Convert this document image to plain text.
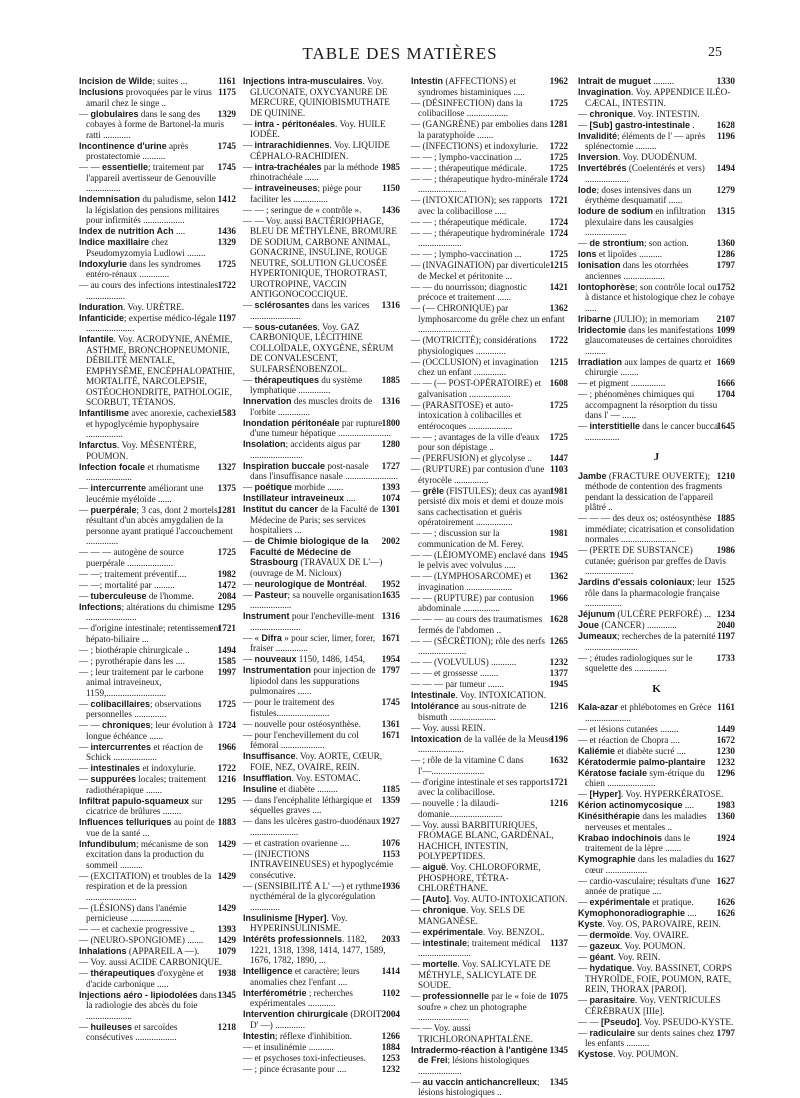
TABLE DES MATIÈRES	25
1161
Incision de Wilde; suites ...
1175
Inclusions provoquées par le virus amaril chez le singe ..
1329
— globulaires dans le sang des cobayes à forme de Bartonel-la muris ratti ............
1745
Incontinence d'urine après prostatectomie ..........
1745
— — essentielle; traitement par l'appareil avertisseur de Genouville ...............
1412
Indemnisation du paludisme, selon la législation des pensions militaires pour infirmités ..................
1436
Index de nutrition Ach ....
1329
Indice maxillaire chez Pseudomyzomyia Ludlowi ........
1725
Indoxylurie dans les syndromes entéro-rénaux .............
1722
— au cours des infections intestinales .................
Induration. Voy. URÈTRE.
1197
Infanticide; expertise médico-légale .....................
Infantile. Voy. ACRODYNIE, ANÉMIE, ASTHME, BRONCHOPNEUMONIE, DÉBILITÉ MENTALE, EMPHYSÈME, ENCÉPHALOPATHIE, MORTALITÉ, NARCOLEPSIE, OSTÉOCHONDRITE, PATHOLOGIE, SCORBUT, TÉTANOS.
1583
Infantilisme avec anorexie, cachexie et hypoglycémie hypophysaire ................
Infarctus. Voy. MÉSENTÈRE, POUMON.
1327
Infection focale et rhumatisme ....................
1375
— intercurrente améliorant une leucémie myéloïde ......
1281
— puerpérale; 3 cas, dont 2 mortels, résultant d'un abcès amygdalien de la personne ayant pratiqué l'accouchement ..............
1725
— — — autogène de source puerpérale ....................
1982
— —; traitement préventif....
1472
— —; mortalité par .........
2084
— tuberculeuse de l'homme.
1295
Infections; altérations du chimisme ......................
1721
— d'origine intestinale; retentissement hépato-biliaire ...
1494
— ; biothérapie chirurgicale ..
1585
— ; pyrothérapie dans les ....
1997
— ; leur traitement par le carbone animal intraveineux, 1159,..........................
1725
— colibacillaires; observations personnelles ..............
1724
— — chroniques; leur évolution à longue échéance ......
1966
— intercurrentes et réaction de Schick ...................
1722
— intestinales et indoxylurie.
1216
— suppurées locales; traitement radiothérapique .......
1295
Infiltrat papulo-squameux sur cicatrice de brûlures ........
1883
Influences telluriques au point de vue de la santé ...
1429
Infundibulum; mécanisme de son excitation dans la production du sommeil ..........
1429
— (EXCITATION) et troubles de la respiration et de la pression ......................
1429
— (LÉSIONS) dans l'anémie pernicieuse ..................
1393
— — et cachexie progressive ..
1429
— (NEURO-SPONGIOME) .......
1079
Inhalations (APPAREIL A —).
— Voy. aussi ACIDE CARBONIQUE.
1938
— thérapeutiques d'oxygène et d'acide carbonique .....
1345
Injections aéro - lipiodolées dans la radiologie des abcès du foie ....................
1218
— huileuses et sarcoïdes consécutives ..................
Injections intra-musculaires. Voy. GLUCONATE, OXYCYANURE DE MERCURE, QUINIOBISMUTHATE DE QUININE.
— intra - péritonéales. Voy. HUILE IODÉE.
— intrarachidiennes. Voy. LIQUIDE CÉPHALO-RACHIDIEN.
1985
— intra-trachéales par la méthode rhinotrachéale ......
1150
— intraveineuses; piège pour faciliter les ...............
1436
— — ; seringue de « contrôle ».
— — Voy. aussi BACTÉRIOPHAGE, BLEU DE MÉTHYLÈNE, BROMURE DE SODIUM, CARBONE ANIMAL, GONACRINE, INSULINE, ROUGE NEUTRE, SOLUTION GLUCOSÉE HYPERTONIQUE, THOROTRAST, UROTROPINE, VACCIN ANTIGONOCOCCIQUE.
1316
— sclérosantes dans les varices ......................
— sous-cutanées. Voy. GAZ CARBONIQUE, LÉCITHINE COLLOÏDALE, OXYGÈNE, SÉRUM DE CONVALESCENT, SULFARSÉNOBENZOL.
1885
— thérapeutiques du système lymphatique ..............
1316
Innervation des muscles droits de l'orbite ..............
1800
Inondation péritonéale par rupture d'une tumeur hépatique .......................
1280
Insolation; accidents aigus par .......................
1727
Inspiration buccale post-nasale dans l'insuffisance nasale .......................
1393
— poétique morbide .......
1074
Instillateur intraveineux ....
1301
Institut du cancer de la Faculté de Médecine de Paris; ses services hospitaliers ...
2002
— de Chimie biologique de la Faculté de Médecine de Strasbourg (TRAVAUX DE L'—) (ouvrage de M. Nicloux)
1952
— neurologique de Montréal.
1635
— Pasteur; sa nouvelle organisation ..................
1316
Instrument pour l'encheville-ment ......................
1671
— « Difra » pour scier, limer, forer, fraiser ..............
1954
— nouveaux 1150, 1486, 1454,
1797
Instrumentation pour injection de lipiodol dans les suppurations pulmonaires ......
1745
— pour le traitement des fistules.......................
1361
— nouvelle pour ostéosynthèse.
1671
— pour l'enchevillement du col fémoral ...................
Insuffisance. Voy. AORTE, CŒUR, FOIE, NEZ, OVAIRE, REIN.
Insufflation. Voy. ESTOMAC.
1185
Insuline et diabète .........
1359
— dans l'encéphalite léthargique et séquelles graves ....
1927
— dans les ulcères gastro-duodénaux .....................
1076
— et castration ovarienne ....
1153
— (INJECTIONS INTRAVEINEUSES) et hypoglycémie consécutive.
1936
— (SENSIBILITÉ A L' —) et rythme nycthéméral de la glycorégulation .............
Insulinisme [Hyper]. Voy. HYPERINSULINISME.
2033
Intérêts professionnels. 1182, 1221, 1318, 1398, 1414, 1477, 1589, 1676, 1782, 1890, ...
1414
Intelligence et caractère; leurs anomalies chez l'enfant ....
1102
Interférométrie ; recherches expérimentales ............
2004
Intervention chirurgicale (DROIT D' —) .............
1266
Intestin; réflexe d'inhibition.
1884
— et insulinémie ...........
1253
— et psychoses toxi-infectieuses.
1232
— ; pince écrasante pour ....
1962
Intestin (AFFECTIONS) et syndromes histaminiques .....
1725
— (DÉSINFECTION) dans la colibacillose ..................
1281
— (GANGRÈNE) par embolies dans la paratyphoïde .......
1722
— (INFECTIONS) et indoxylurie.
1725
— — ; lympho-vaccination ...
1725
— — ; thérapeutique médicale.
1724
— — ; thérapeutique hydro-minérale .....................
1721
— (INTOXICATION); ses rapports avec la colibacillose .....
1724
— — ; thérapeutique médicale.
1724
— — ; thérapeutique hydrominérale ...................
1725
— — ; lympho-vaccination ...
1215
— (INVAGINATION) par diverticule de Meckel et péritonite ...
1421
— — du nourrisson; diagnostic précoce et traitement ......
1362
— (— CHRONIQUE) par lymphosarcome du grêle chez un enfant .......................
1722
— (MOTRICITÉ); considérations physiologiques .............
1215
— (OCCLUSION) et invagination chez un enfant ..............
1608
— — (— POST-OPÉRATOIRE) et galvanisation ..................
1725
— (PARASITOSE) et auto-intoxication à colibacilles et entérocoques ...................
1725
— — ; avantages de la ville d'eaux pour son dépistage ..
1447
— (PERFUSION) et glycolyse ..
1103
— (RUPTURE) par contusion d'une étyrocèle ...............
1981
— grêle (FISTULES); deux cas ayant persisté dix mois et demi et douze mois sans cachectisation et guéris opératoirement ................
1981
— — ; discussion sur la communication de M. Ferey.
1945
— — (LÉIOMYOME) enclavé dans le pelvis avec volvulus .....
1362
— — (LYMPHOSARCOME) et invagination ....................
1966
— — (RUPTURE) par contusion abdominale ................
1628
— — — au cours des traumatismes fermés de l'abdomen ..
1265
— — (SÉCRÉTION); rôle des nerfs .....................
1232
— — (VOLVULUS) ...........
1377
— — et grossesse ........
1945
— — — par tumeur .......
Intestinale. Voy. INTOXICATION.
1216
Intolérance au sous-nitrate de bismuth ....................
— Voy. aussi REIN.
1196
Intoxication de la vallée de la Meuse ....................
1632
— ; rôle de la vitamine C dans l'—.......................
1721
— d'origine intestinale et ses rapports avec la colibacillose.
1216
— nouvelle : la dilaudi-domanie.......................
— Voy. aussi BARBITURIQUES, FROMAGE BLANC, GARDÉNAL, HACHICH, INTESTIN, POLYPEPTIDES.
— aiguë. Voy. CHLOROFORME, PHOSPHORE, TÉTRA-CHLORÉTHANE.
— [Auto]. Voy. AUTO-INTOXICATION.
— chronique. Voy. SELS DE MANGANÈSE.
— expérimentale. Voy. BENZOL.
1137
— intestinale; traitement médical .......................
— mortelle. Voy. SALICYLATE DE MÉTHYLE, SALICYLATE DE SOUDE.
1075
— professionnelle par le « foie de soufre » chez un photographe ......................
— — Voy. aussi TRICHLORONAPHTALÈNE.
1345
Intradermo-réaction à l'antigène de Frei; lésions histologiques ...................
1345
— au vaccin antichancrelleux; lésions histologiques ..
1330
Intrait de muguet .........
Invagination. Voy. APPENDICE ILÉO-CÆCAL, INTESTIN.
— chronique. Voy. INTESTIN.
1628
— [Sub] gastro-intestinale .
1196
Invalidité; éléments de l' — après splénectomie .........
Inversion. Voy. DUODÉNUM.
1494
Invertébrés (Coelentérés et vers) ...................
1279
Iode; doses intensives dans un érythème desquamatif ......
1315
Iodure de sodium en infiltration plexulaire dans les causalgies ..................
1360
— de strontium; son action.
1286
Ions et lipoïdes ..........
1797
Ionisation dans les otorrhées anciennes ..................
1752
Iontophorèse; son contrôle local ou à distance et histologique chez le cobaye .....
2107
Iribarne (JULIO); in memoriam
1099
Iridectomie dans les manifestations glaucomateuses de certaines choroïdites .........
1669
Irradiation aux lampes de quartz et chirurgie ........
1666
— et pigment ...............
1704
— ; phénomènes chimiques qui accompagnent la résorption du tissu dans l' — ......
1645
— interstitielle dans le cancer buccal ...............
J
1210
Jambe (FRACTURE OUVERTE); méthode de contention des fragments pendant la dessication de l'appareil plâtré ..
1885
— — — des deux os; ostéosynthèse immédiate; cicatrisation et consolidation normales ........................
1986
— (PERTE DE SUBSTANCE) cutanée; guérison par greffes de Davis .....................
1525
Jardins d'essais coloniaux; leur rôle dans la pharmacologie française ................
1234
Jéjunum (ULCÈRE PERFORÉ) ...
2040
Joue (CANCER) .............
1197
Jumeaux; recherches de la paternité .......................
1733
— ; études radiologiques sur le squelette des ..............
K
1161
Kala-azar et phlébotomes en Grèce ....................
1449
— et lésions cutanées ........
1672
— et réaction de Chopra ....
1230
Kaliémie et diabète sucré ....
1232
Kératodermie palmo-plantaire
1296
Kératose faciale sym-étrique du chien .....................
— [Hyper]. Voy. HYPERKÉRATOSE.
1983
Kérion actinomycosique ....
1360
Kinésithérapie dans les maladies nerveuses et mentales ..
1924
Krabao indochinois dans le traitement de la lèpre .......
1627
Kymographie dans les maladies du cœur ..................
1627
— cardio-vasculaire; résultats d'une année de pratique ....
1626
— expérimentale et pratique.
1626
Kymophonoradiographie ....
Kyste. Voy. OS, PAROVAIRE, REIN.
— dermoïde. Voy. OVAIRE.
— gazeux. Voy. POUMON.
— géant. Voy. REIN.
— hydatique. Voy. BASSINET, CORPS THYROÏDE, FOIE, POUMON, RATE, REIN, THORAX [PAROI].
— parasitaire. Voy. VENTRICULES CÉRÉBRAUX [IIIe].
— — [Pseudo]. Voy. PSEUDO-KYSTE.
1797
— radiculaire sur dents saines chez les enfants ..........
Kystose. Voy. POUMON.
